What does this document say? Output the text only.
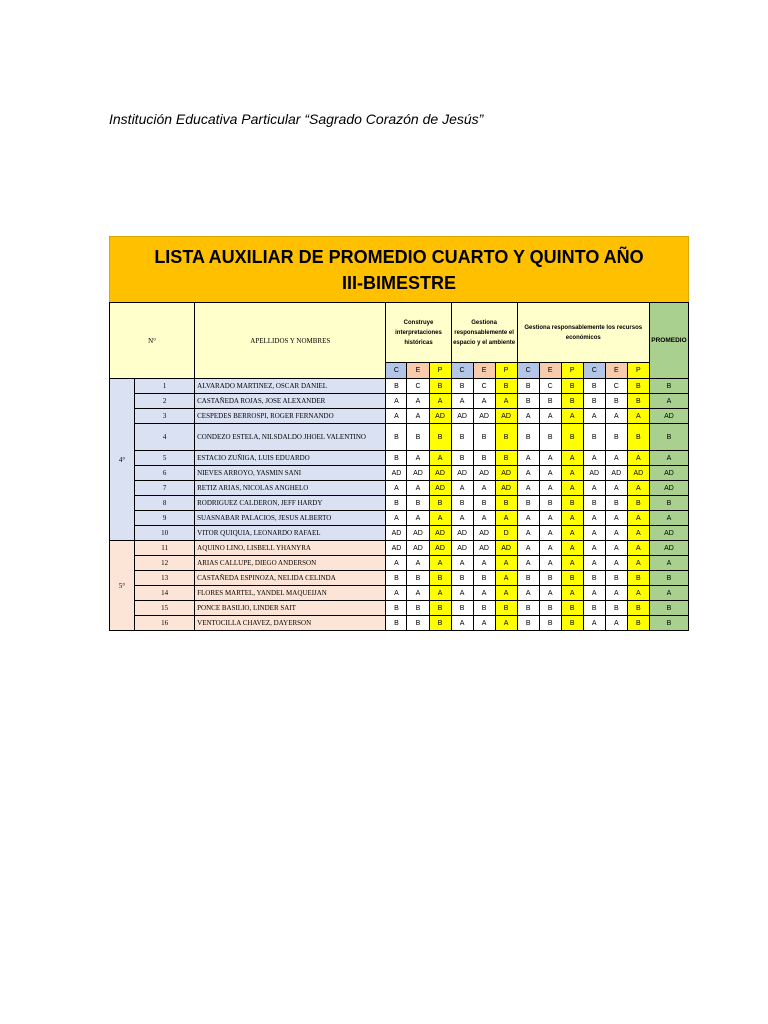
Institución Educativa Particular “Sagrado Corazón de Jesús”
LISTA AUXILIAR DE PROMEDIO CUARTO Y QUINTO AÑO
III-BIMESTRE
N°		APELLIDOS Y NOMBRES	Construye interpretaciones históricas			Gestiona responsablemente el espacio y el ambiente			Gestiona responsablemente los recursos económicos						PROMEDIO
			C	E	P	C	E	P	C	E	P	C	E	P	
4°	1	ALVARADO MARTINEZ, OSCAR DANIEL	B	C	B	B	C	B	B	C	B	B	C	B	B
	2	CASTAÑEDA ROJAS, JOSE ALEXANDER	A	A	A	A	A	A	B	B	B	B	B	B	A
	3	CESPEDES BERROSPI, ROGER FERNANDO	A	A	AD	AD	AD	AD	A	A	A	A	A	A	AD
	4	CONDEZO ESTELA, NILSDALDO JHOEL VALENTINO	B	B	B	B	B	B	B	B	B	B	B	B	B
	5	ESTACIO ZUÑIGA, LUIS EDUARDO	B	A	A	B	B	B	A	A	A	A	A	A	A
	6	NIEVES ARROYO, YASMIN SANI	AD	AD	AD	AD	AD	AD	A	A	A	AD	AD	AD	AD
	7	RETIZ ARIAS, NICOLAS ANGHELO	A	A	AD	A	A	AD	A	A	A	A	A	A	AD
	8	RODRIGUEZ CALDERON, JEFF HARDY	B	B	B	B	B	B	B	B	B	B	B	B	B
	9	SUASNABAR PALACIOS, JESUS ALBERTO	A	A	A	A	A	A	A	A	A	A	A	A	A
	10	VITOR QUIQUIA, LEONARDO RAFAEL	AD	AD	AD	AD	AD	D	A	A	A	A	A	A	AD
5°	11	AQUINO LINO, LISBELL YHANYRA	AD	AD	AD	AD	AD	AD	A	A	A	A	A	A	AD
	12	ARIAS CALLUPE, DIEGO ANDERSON	A	A	A	A	A	A	A	A	A	A	A	A	A
	13	CASTAÑEDA ESPINOZA, NELIDA CELINDA	B	B	B	B	B	A	B	B	B	B	B	B	B
	14	FLORES MARTEL, YANDEL MAQUEIJAN	A	A	A	A	A	A	A	A	A	A	A	A	A
	15	PONCE BASILIO, LINDER SAIT	B	B	B	B	B	B	B	B	B	B	B	B	B
	16	VENTOCILLA CHAVEZ, DAYERSON	B	B	B	A	A	A	B	B	B	A	A	B	B
